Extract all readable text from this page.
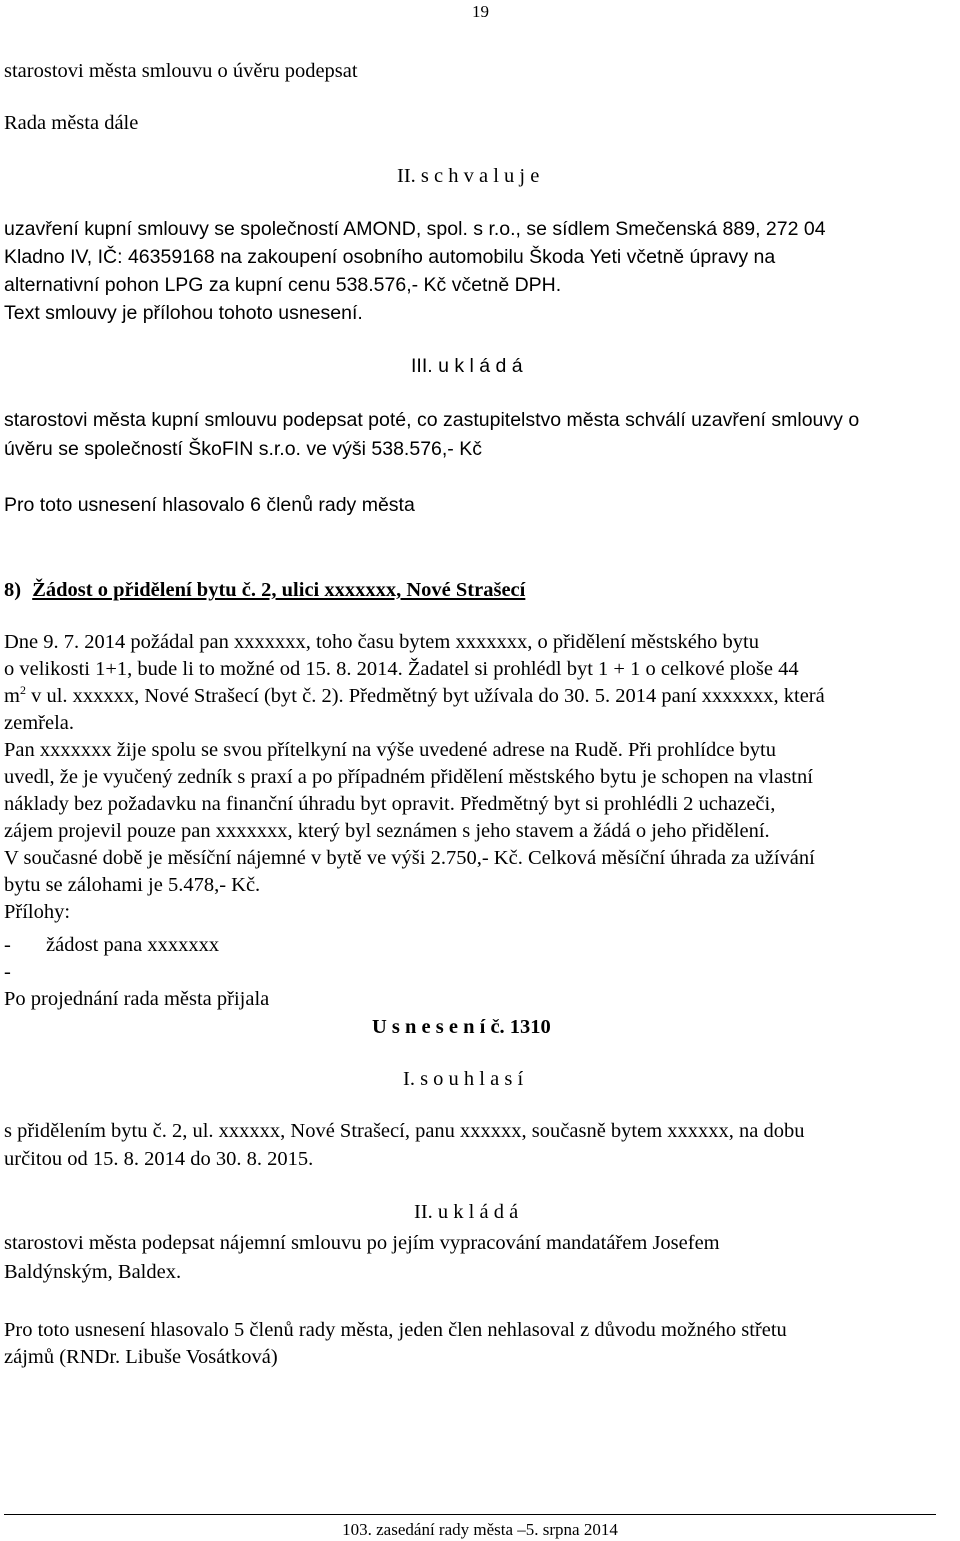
19
starostovi města smlouvu o úvěru podepsat
Rada města dále
II. s c h v a l u j e
uzavření kupní smlouvy se společností AMOND, spol. s r.o., se sídlem Smečenská 889, 272 04
Kladno IV, IČ: 46359168 na zakoupení osobního automobilu Škoda Yeti včetně úpravy na
alternativní pohon LPG za kupní cenu 538.576,- Kč včetně DPH.
Text smlouvy je přílohou tohoto usnesení.
III. u k l á d á
starostovi města kupní smlouvu podepsat poté, co zastupitelstvo města schválí uzavření smlouvy o
úvěru se společností ŠkoFIN s.r.o. ve výši 538.576,- Kč
Pro toto usnesení hlasovalo 6 členů rady města
8) Žádost o přidělení bytu č. 2, ulici xxxxxxx, Nové Strašecí
Dne 9. 7. 2014 požádal pan xxxxxxx, toho času bytem xxxxxxx, o přidělení městského bytu
o velikosti 1+1, bude li to možné od 15. 8. 2014. Žadatel si prohlédl byt 1 + 1 o celkové ploše 44
$m^2$ v ul. xxxxxx, Nové Strašecí (byt č. 2). Předmětný byt užívala do 30. 5. 2014 paní xxxxxxx, která
zemřela.
Pan xxxxxxx žije spolu se svou přítelkyní na výše uvedené adrese na Rudě. Při prohlídce bytu
uvedl, že je vyučený zedník s praxí a po případném přidělení městského bytu je schopen na vlastní
náklady bez požadavku na finanční úhradu byt opravit. Předmětný byt si prohlédli 2 uchazeči,
zájem projevil pouze pan xxxxxxx, který byl seznámen s jeho stavem a žádá o jeho přidělení.
V současné době je měsíční nájemné v bytě ve výši 2.750,- Kč. Celková měsíční úhrada za užívání
bytu se zálohami je 5.478,- Kč.
Přílohy:
- žádost pana xxxxxxx
-
Po projednání rada města přijala
U s n e s e n í č. 1310
I. s o u h l a s í
s přidělením bytu č. 2, ul. xxxxxx, Nové Strašecí, panu xxxxxx, současně bytem xxxxxx, na dobu
určitou od 15. 8. 2014 do 30. 8. 2015.
II. u k l á d á
starostovi města podepsat nájemní smlouvu po jejím vypracování mandatářem Josefem
Baldýnským, Baldex.
Pro toto usnesení hlasovalo 5 členů rady města, jeden člen nehlasoval z důvodu možného střetu
zájmů (RNDr. Libuše Vosátková)
103. zasedání rady města –5. srpna 2014
